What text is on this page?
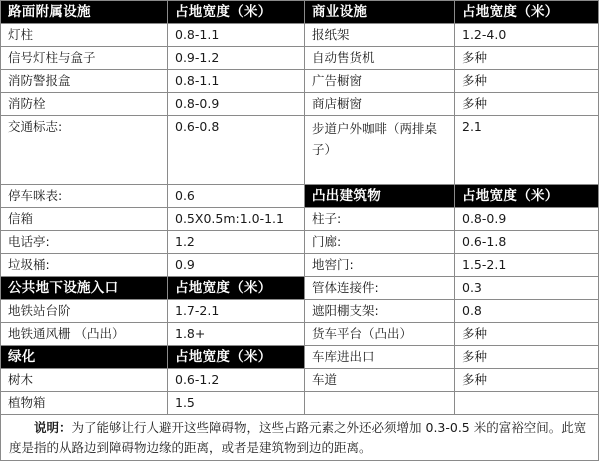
路面附属设施	占地宽度（米）	商业设施	占地宽度（米）
灯柱	0.8-1.1	报纸架	1.2-4.0
信号灯柱与盒子	0.9-1.2	自动售货机	多种
消防警报盒	0.8-1.1	广告橱窗	多种
消防栓	0.8-0.9	商店橱窗	多种
交通标志:	0.6-0.8	步道户外咖啡（两排桌子）	2.1
停车咪表:	0.6	凸出建筑物	占地宽度（米）
信箱	0.5X0.5m:1.0-1.1	柱子:	0.8-0.9
电话亭:	1.2	门廊:	0.6-1.8
垃圾桶:	0.9	地窖门:	1.5-2.1
公共地下设施入口	占地宽度（米）	管体连接件:	0.3
地铁站台阶	1.7-2.1	遮阳棚支架:	0.8
地铁通风栅 （凸出）	1.8+	货车平台（凸出）	多种
绿化	占地宽度（米）	车库进出口	多种
树木	0.6-1.2	车道	多种
植物箱	1.5		
说明：为了能够让行人避开这些障碍物，这些占路元素之外还必须增加 0.3-0.5 米的富裕空间。此宽度是指的从路边到障碍物边缘的距离，或者是建筑物到边的距离。			
